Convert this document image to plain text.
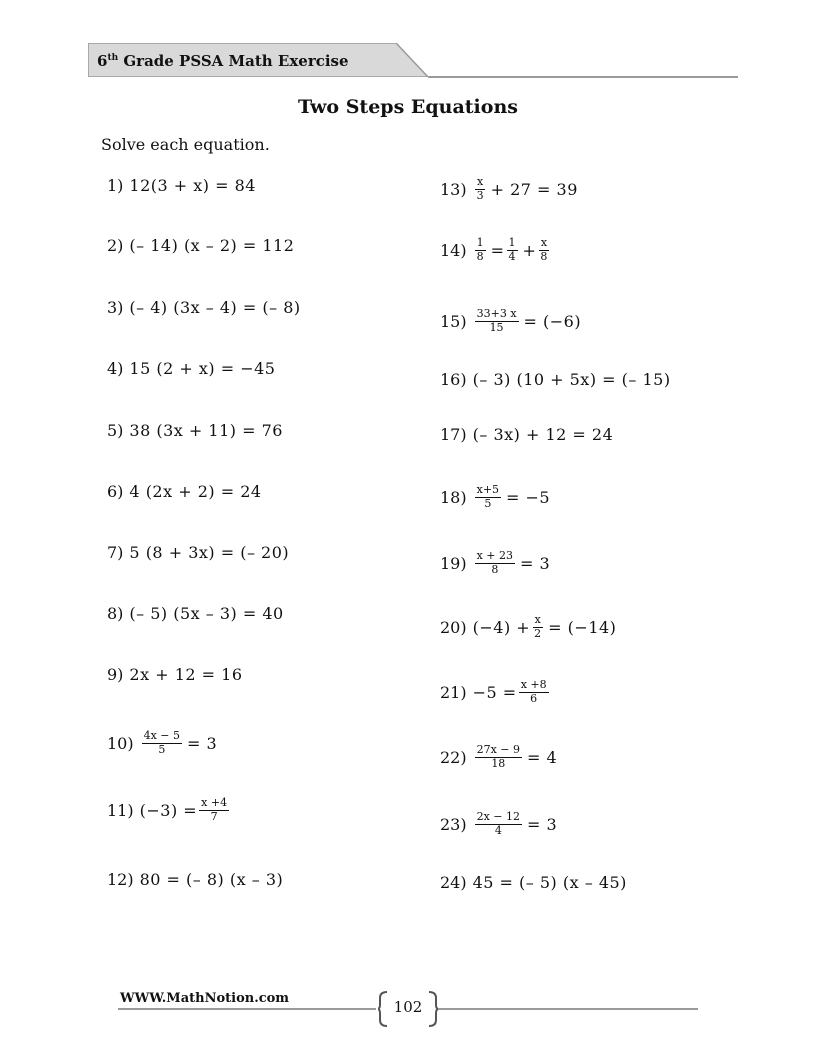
6th Grade PSSA Math Exercise
Two Steps Equations
Solve each equation.
1) 12(3 + x) = 84
2) (– 14) (x – 2) = 112
3) (– 4) (3x – 4) = (– 8)
4) 15 (2 + x) = −45
5) 38 (3x + 11) = 76
6) 4 (2x + 2) = 24
7) 5 (8 + 3x) = (– 20)
8) (– 5) (5x – 3) = 40
9) 2x + 12 = 16
$10) \frac{4x - 5}{5} = 3$
11) $(-3) = \frac{x +4}{7}$
12) 80 = (– 8) (x – 3)
$13) \frac{x}{3} + 27 = 39$
$14) \frac{1}{8} = \frac{1}{4} + \frac{x}{8}$
$15) \frac{33+3 x}{15} = (-6)$
16) (– 3) (10 + 5x) = (– 15)
17) (– 3x) + 12 = 24
$18) \frac{x+5}{5} = -5$
$19) \frac{x + 23}{8} = 3$
20) $(-4) + \frac{x}{2} = (-14)$
$21) -5 = \frac{x +8}{6}$
$22) \frac{27x - 9}{18} = 4$
$23) \frac{2x - 12}{4} = 3$
24) 45 = (– 5) (x – 45)
WWW.MathNotion.com	102
